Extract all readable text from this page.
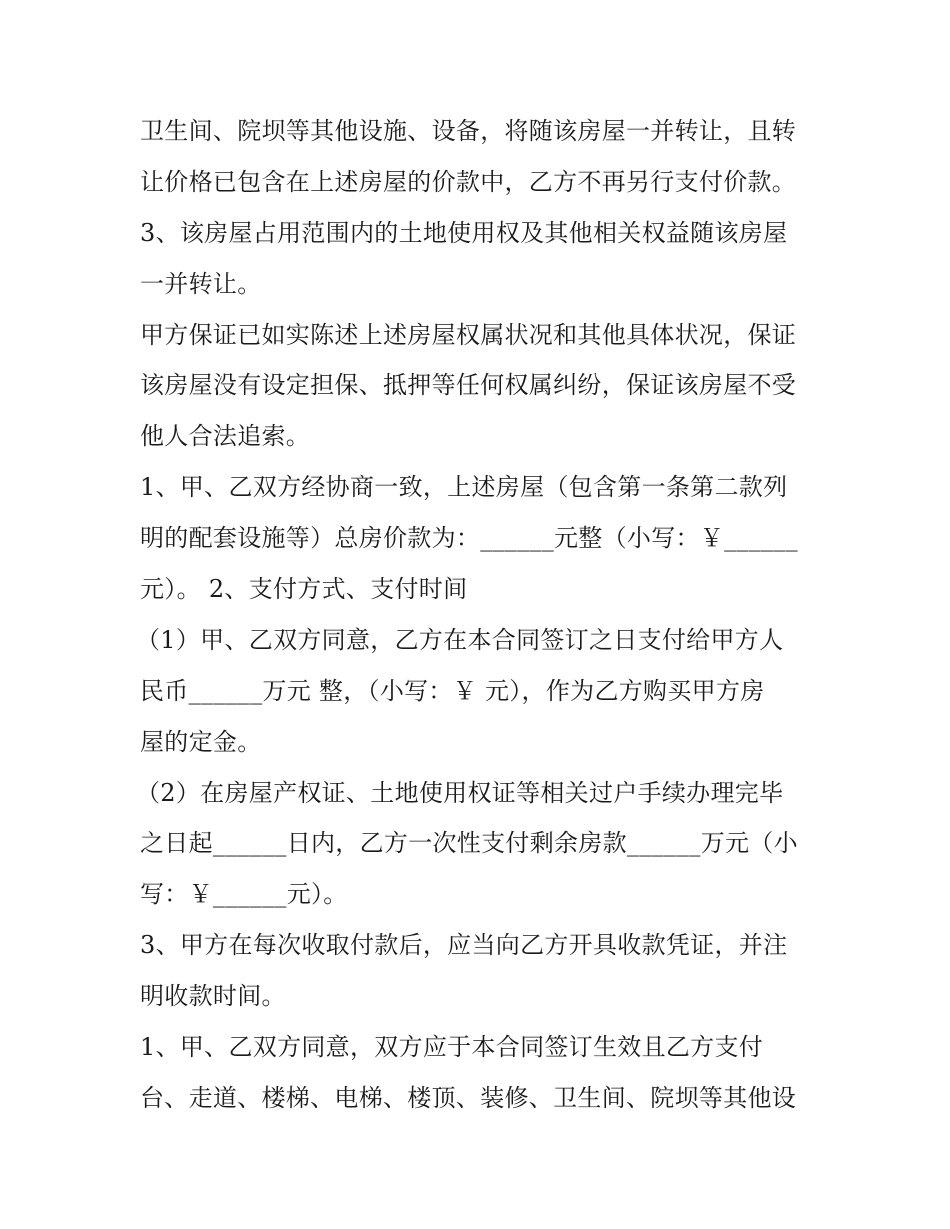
卫生间、院坝等其他设施、设备，将随该房屋一并转让，且转
让价格已包含在上述房屋的价款中，乙方不再另行支付价款。
3、该房屋占用范围内的土地使用权及其他相关权益随该房屋
一并转让。
甲方保证已如实陈述上述房屋权属状况和其他具体状况，保证
该房屋没有设定担保、抵押等任何权属纠纷，保证该房屋不受
他人合法追索。
1、甲、乙双方经协商一致，上述房屋（包含第一条第二款列
明的配套设施等）总房价款为：______元整（小写：￥______
元）。 2、支付方式、支付时间
（1）甲、乙双方同意，乙方在本合同签订之日支付给甲方人
民币______万元 整，（小写：￥ 元），作为乙方购买甲方房
屋的定金。
（2）在房屋产权证、土地使用权证等相关过户手续办理完毕
之日起______日内，乙方一次性支付剩余房款______万元（小
写：￥______元）。
3、甲方在每次收取付款后，应当向乙方开具收款凭证，并注
明收款时间。
1、甲、乙双方同意，双方应于本合同签订生效且乙方支付
台、走道、楼梯、电梯、楼顶、装修、卫生间、院坝等其他设
